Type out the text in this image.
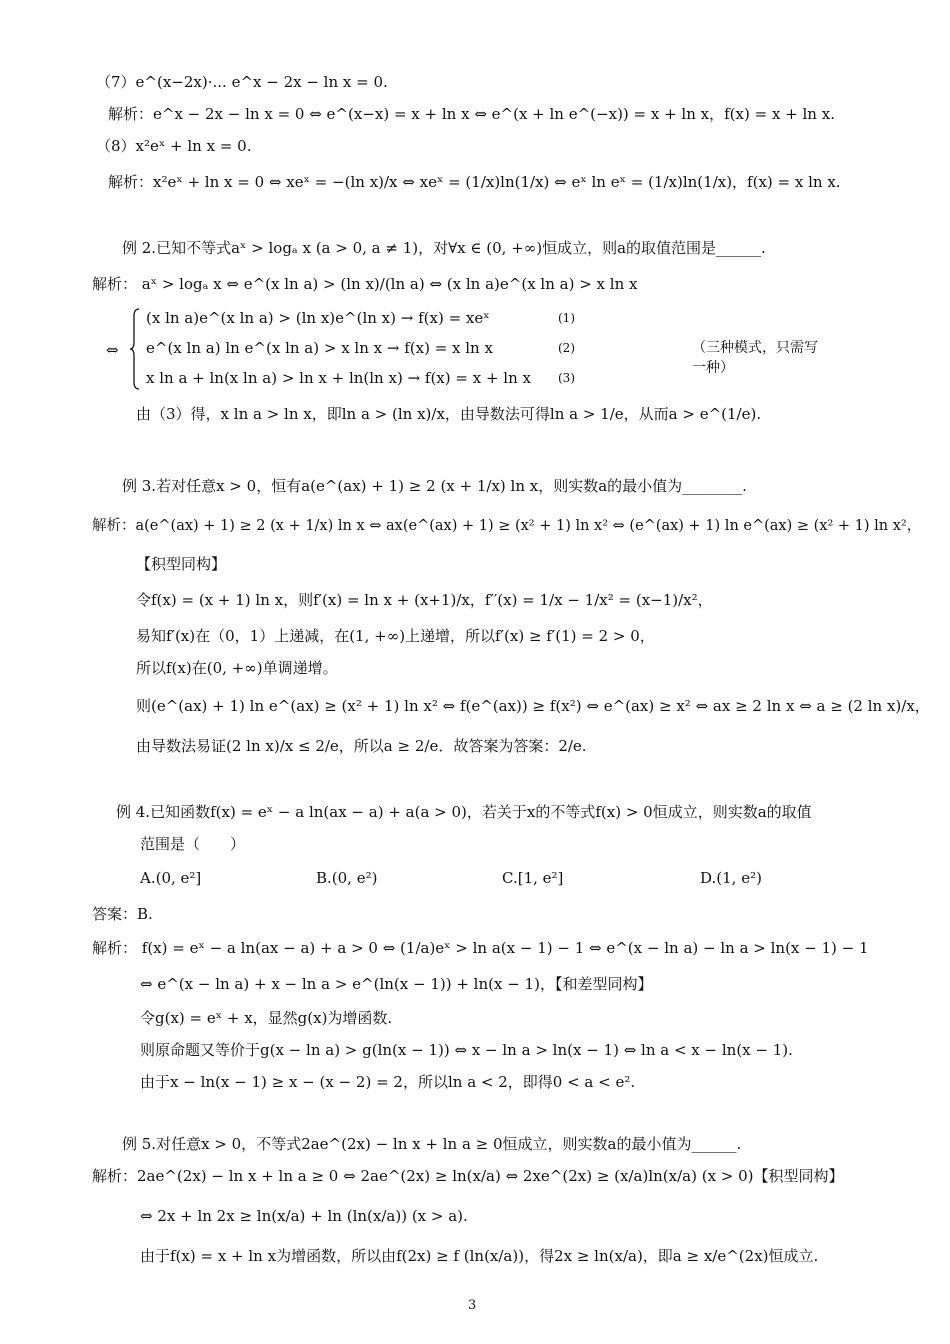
（7）e^(x−2x)·... e^x − 2x − ln x = 0.
解析：e^x − 2x − ln x = 0 ⇔ e^(x−x) = x + ln x ⇔ e^(x + ln e^(−x)) = x + ln x，f(x) = x + ln x.
（8）x²eˣ + ln x = 0.
解析：x²eˣ + ln x = 0 ⇔ xeˣ = −(ln x)/x ⇔ xeˣ = (1/x)ln(1/x) ⇔ eˣ ln eˣ = (1/x)ln(1/x)，f(x) = x ln x.
例 2.已知不等式aˣ > logₐ x (a > 0, a ≠ 1)，对∀x ∈ (0, +∞)恒成立，则a的取值范围是______.
解析： aˣ > logₐ x ⇔ e^(x ln a) > (ln x)/(ln a) ⇔ (x ln a)e^(x ln a) > x ln x
由（3）得，x ln a > ln x，即ln a > (ln x)/x，由导数法可得ln a > 1/e，从而a > e^(1/e).
例 3.若对任意x > 0，恒有a(e^(ax) + 1) ≥ 2 (x + 1/x) ln x，则实数a的最小值为________.
解析：a(e^(ax) + 1) ≥ 2 (x + 1/x) ln x ⇔ ax(e^(ax) + 1) ≥ (x² + 1) ln x² ⇔ (e^(ax) + 1) ln e^(ax) ≥ (x² + 1) ln x²，
【积型同构】
令f(x) = (x + 1) ln x，则f′(x) = ln x + (x+1)/x，f′′(x) = 1/x − 1/x² = (x−1)/x²，
易知f′(x)在（0，1）上递减，在(1, +∞)上递增，所以f′(x) ≥ f′(1) = 2 > 0，
所以f(x)在(0, +∞)单调递增。
则(e^(ax) + 1) ln e^(ax) ≥ (x² + 1) ln x² ⇔ f(e^(ax)) ≥ f(x²) ⇔ e^(ax) ≥ x² ⇔ ax ≥ 2 ln x ⇔ a ≥ (2 ln x)/x，
由导数法易证(2 ln x)/x ≤ 2/e，所以a ≥ 2/e．故答案为答案：2/e.
例 4.已知函数f(x) = eˣ − a ln(ax − a) + a(a > 0)，若关于x的不等式f(x) > 0恒成立，则实数a的取值
范围是（　　）
答案：B.
解析： f(x) = eˣ − a ln(ax − a) + a > 0 ⇔ (1/a)eˣ > ln a(x − 1) − 1 ⇔ e^(x − ln a) − ln a > ln(x − 1) − 1
⇔ e^(x − ln a) + x − ln a > e^(ln(x − 1)) + ln(x − 1)，【和差型同构】
令g(x) = eˣ + x，显然g(x)为增函数.
则原命题又等价于g(x − ln a) > g(ln(x − 1)) ⇔ x − ln a > ln(x − 1) ⇔ ln a < x − ln(x − 1).
由于x − ln(x − 1) ≥ x − (x − 2) = 2，所以ln a < 2，即得0 < a < e².
例 5.对任意x > 0，不等式2ae^(2x) − ln x + ln a ≥ 0恒成立，则实数a的最小值为______.
解析：2ae^(2x) − ln x + ln a ≥ 0 ⇔ 2ae^(2x) ≥ ln(x/a) ⇔ 2xe^(2x) ≥ (x/a)ln(x/a) (x > 0)【积型同构】
⇔ 2x + ln 2x ≥ ln(x/a) + ln (ln(x/a)) (x > a).
由于f(x) = x + ln x为增函数，所以由f(2x) ≥ f (ln(x/a))，得2x ≥ ln(x/a)，即a ≥ x/e^(2x)恒成立.
A.(0, e²]	B.(0, e²)	C.[1, e²]	D.(1, e²)
⇔
(x ln a)e^(x ln a) > (ln x)e^(ln x) → f(x) = xeˣ	(1)
e^(x ln a) ln e^(x ln a) > x ln x → f(x) = x ln x	(2)	（三种模式，只需写一种）
x ln a + ln(x ln a) > ln x + ln(ln x) → f(x) = x + ln x (3)
3
